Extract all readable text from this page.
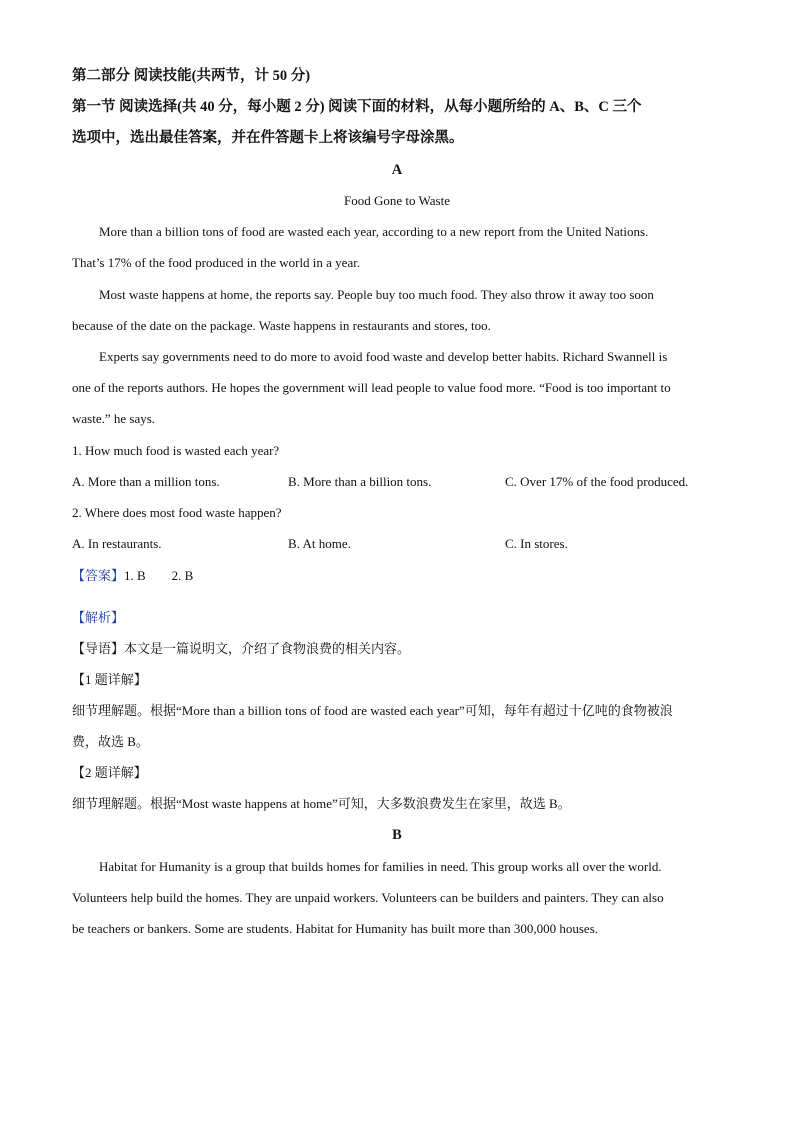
第二部分 阅读技能(共两节，计 50 分)
第一节 阅读选择(共 40 分，每小题 2 分) 阅读下面的材料，从每小题所给的 A、B、C 三个
选项中，选出最佳答案，并在件答题卡上将该编号字母涂黑。
A
Food Gone to Waste
More than a billion tons of food are wasted each year, according to a new report from the United Nations.
That’s 17% of the food produced in the world in a year.
Most waste happens at home, the reports say. People buy too much food. They also throw it away too soon
because of the date on the package. Waste happens in restaurants and stores, too.
Experts say governments need to do more to avoid food waste and develop better habits. Richard Swannell is
one of the reports authors. He hopes the government will lead people to value food more. “Food is too important to
waste.” he says.
1. How much food is wasted each year?
A. More than a million tons.	B. More than a billion tons.	C. Over 17% of the food produced.
2. Where does most food waste happen?
A. In restaurants.	B. At home.	C. In stores.
【答案】1. B        2. B
【解析】
【导语】本文是一篇说明文，介绍了食物浪费的相关内容。
【1 题详解】
细节理解题。根据“More than a billion tons of food are wasted each year”可知，每年有超过十亿吨的食物被浪
费，故选 B。
【2 题详解】
细节理解题。根据“Most waste happens at home”可知，大多数浪费发生在家里，故选 B。
B
Habitat for Humanity is a group that builds homes for families in need. This group works all over the world.
Volunteers help build the homes. They are unpaid workers. Volunteers can be builders and painters. They can also
be teachers or bankers. Some are students. Habitat for Humanity has built more than 300,000 houses.
